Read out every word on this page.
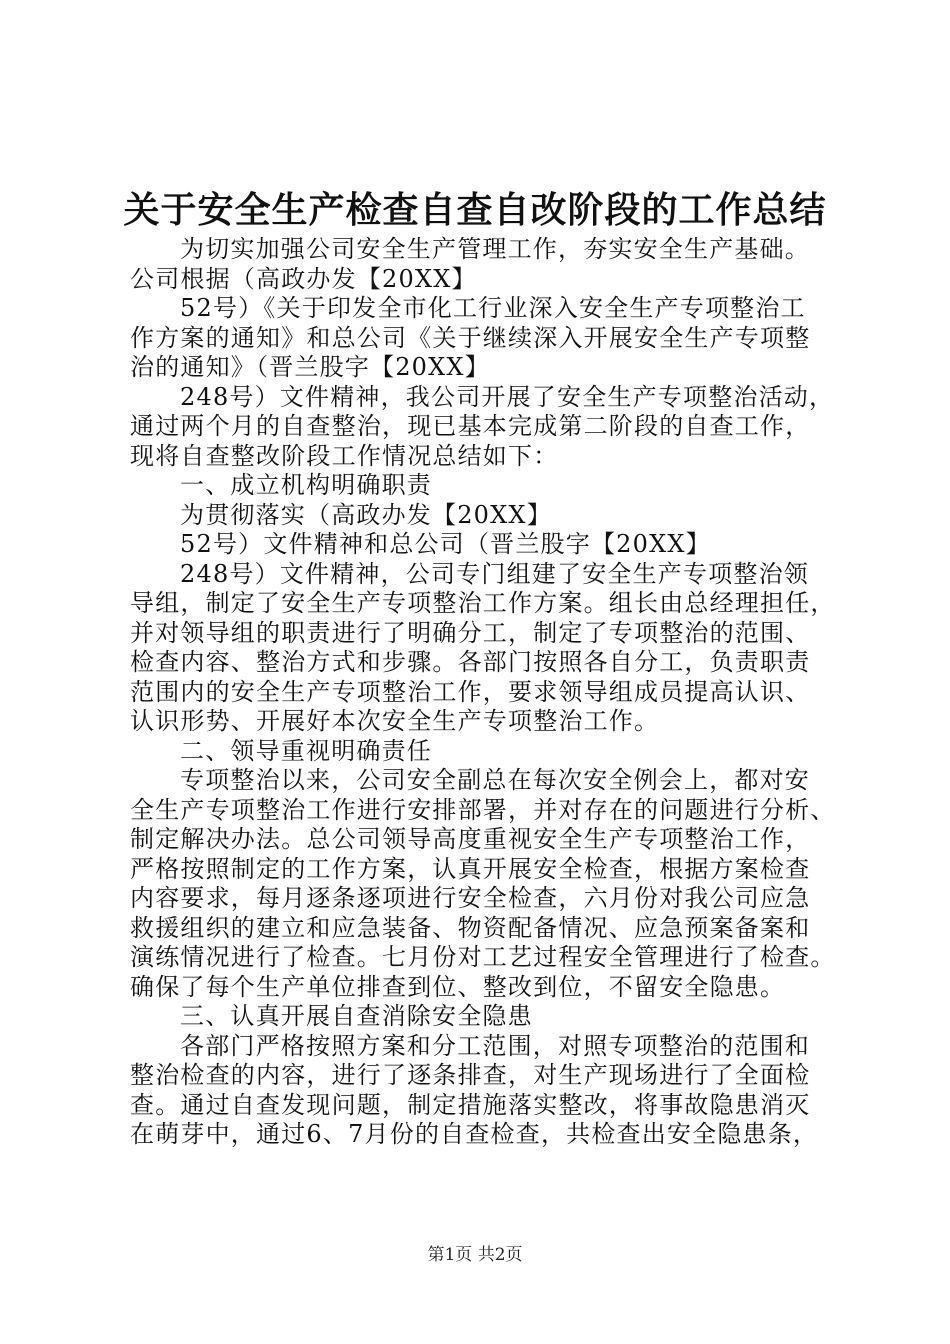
关于安全生产检查自查自改阶段的工作总结

为切实加强公司安全生产管理工作，夯实安全生产基础。

公司根据（高政办发【20XX】

52号）《关于印发全市化工行业深入安全生产专项整治工

作方案的通知》和总公司《关于继续深入开展安全生产专项整

治的通知》（晋兰股字【20XX】

248号）文件精神，我公司开展了安全生产专项整治活动，

通过两个月的自查整治，现已基本完成第二阶段的自查工作，

现将自查整改阶段工作情况总结如下：

一、成立机构明确职责

为贯彻落实（高政办发【20XX】

52号）文件精神和总公司（晋兰股字【20XX】

248号）文件精神，公司专门组建了安全生产专项整治领

导组，制定了安全生产专项整治工作方案。组长由总经理担任，

并对领导组的职责进行了明确分工，制定了专项整治的范围、

检查内容、整治方式和步骤。各部门按照各自分工，负责职责

范围内的安全生产专项整治工作，要求领导组成员提高认识、

认识形势、开展好本次安全生产专项整治工作。

二、领导重视明确责任

专项整治以来，公司安全副总在每次安全例会上，都对安

全生产专项整治工作进行安排部署，并对存在的问题进行分析、

制定解决办法。总公司领导高度重视安全生产专项整治工作，

严格按照制定的工作方案，认真开展安全检查，根据方案检查

内容要求，每月逐条逐项进行安全检查，六月份对我公司应急

救援组织的建立和应急装备、物资配备情况、应急预案备案和

演练情况进行了检查。七月份对工艺过程安全管理进行了检查。

确保了每个生产单位排查到位、整改到位，不留安全隐患。

三、认真开展自查消除安全隐患

各部门严格按照方案和分工范围，对照专项整治的范围和

整治检查的内容，进行了逐条排查，对生产现场进行了全面检

查。通过自查发现问题，制定措施落实整改，将事故隐患消灭

在萌芽中，通过6、7月份的自查检查，共检查出安全隐患条，

第1页 共2页
